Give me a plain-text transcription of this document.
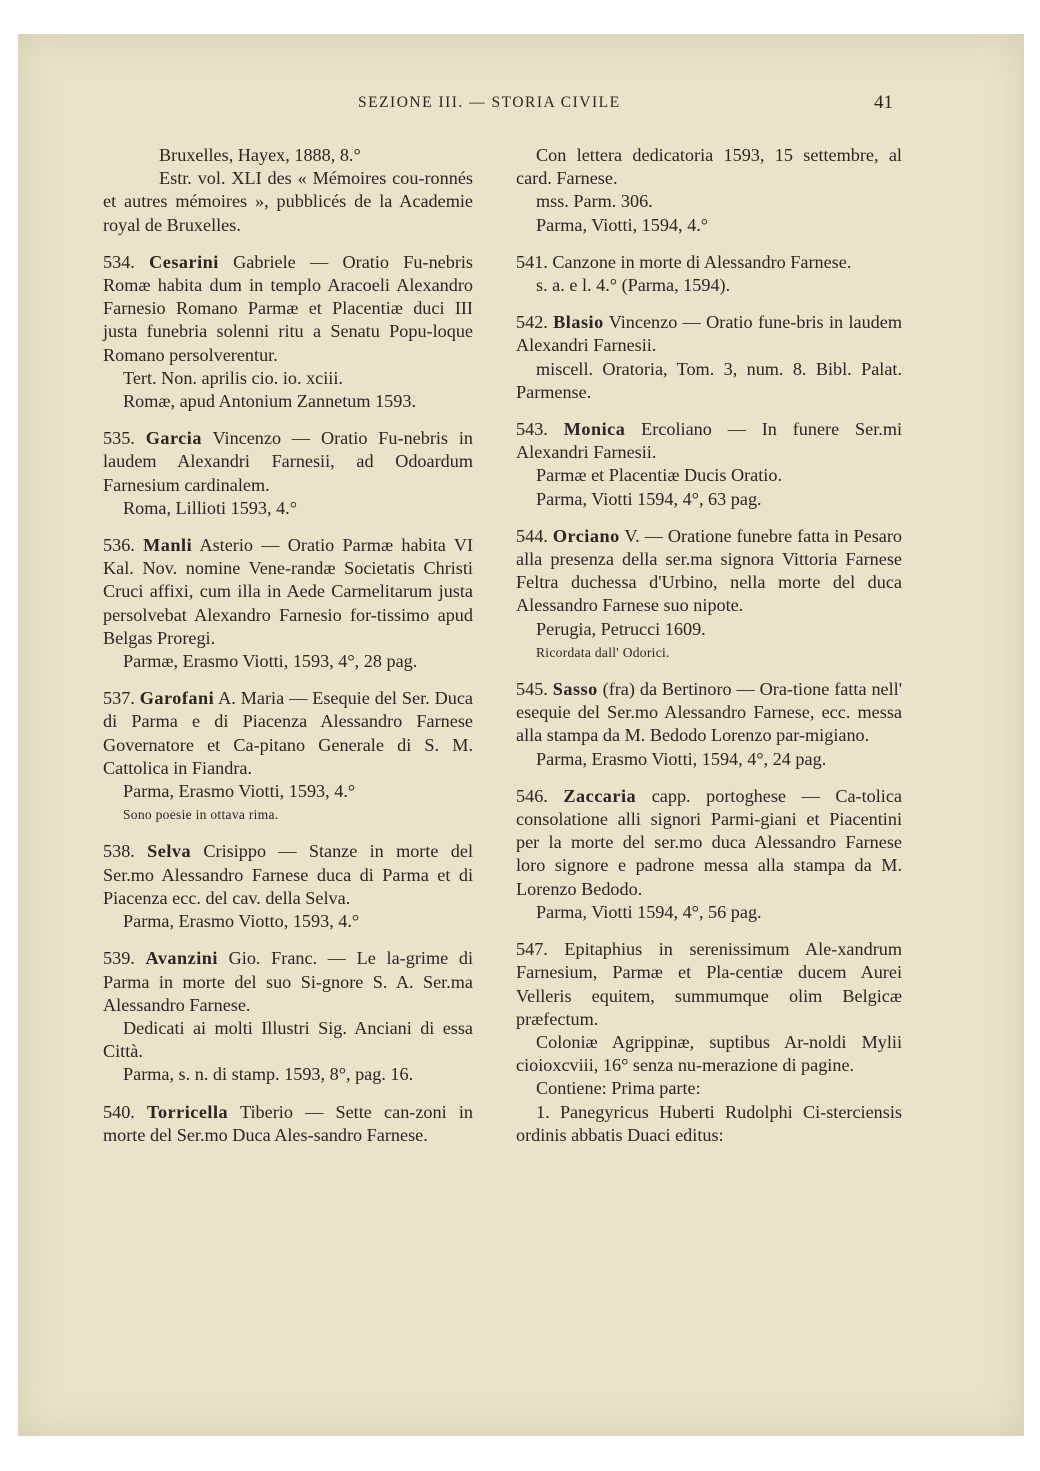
SEZIONE III. — STORIA CIVILE	41
Bruxelles, Hayex, 1888, 8.°
Estr. vol. XLI des « Mémoires cou-ronnés et autres mémoires », pubblicés de la Academie royal de Bruxelles.
534. Cesarini Gabriele — Oratio Fu-nebris Romæ habita dum in templo Aracoeli Alexandro Farnesio Romano Parmæ et Placentiæ duci III justa funebria solenni ritu a Senatu Popu-loque Romano persolverentur.
Tert. Non. aprilis cio. io. xciii.
Romæ, apud Antonium Zannetum 1593.
535. Garcia Vincenzo — Oratio Fu-nebris in laudem Alexandri Farnesii, ad Odoardum Farnesium cardinalem.
Roma, Lillioti 1593, 4.°
536. Manli Asterio — Oratio Parmæ habita VI Kal. Nov. nomine Vene-randæ Societatis Christi Cruci affixi, cum illa in Aede Carmelitarum justa persolvebat Alexandro Farnesio for-tissimo apud Belgas Proregi.
Parmæ, Erasmo Viotti, 1593, 4°, 28 pag.
537. Garofani A. Maria — Esequie del Ser. Duca di Parma e di Piacenza Alessandro Farnese Governatore et Ca-pitano Generale di S. M. Cattolica in Fiandra.
Parma, Erasmo Viotti, 1593, 4.°
Sono poesie in ottava rima.
538. Selva Crisippo — Stanze in morte del Ser.mo Alessandro Farnese duca di Parma et di Piacenza ecc. del cav. della Selva.
Parma, Erasmo Viotto, 1593, 4.°
539. Avanzini Gio. Franc. — Le la-grime di Parma in morte del suo Si-gnore S. A. Ser.ma Alessandro Farnese.
Dedicati ai molti Illustri Sig. Anciani di essa Città.
Parma, s. n. di stamp. 1593, 8°, pag. 16.
540. Torricella Tiberio — Sette can-zoni in morte del Ser.mo Duca Ales-sandro Farnese.
Con lettera dedicatoria 1593, 15 settembre, al card. Farnese.
mss. Parm. 306.
Parma, Viotti, 1594, 4.°
541. Canzone in morte di Alessandro Farnese.
s. a. e l. 4.° (Parma, 1594).
542. Blasio Vincenzo — Oratio fune-bris in laudem Alexandri Farnesii.
miscell. Oratoria, Tom. 3, num. 8. Bibl. Palat. Parmense.
543. Monica Ercoliano — In funere Ser.mi Alexandri Farnesii.
Parmæ et Placentiæ Ducis Oratio.
Parma, Viotti 1594, 4°, 63 pag.
544. Orciano V. — Oratione funebre fatta in Pesaro alla presenza della ser.ma signora Vittoria Farnese Feltra duchessa d'Urbino, nella morte del duca Alessandro Farnese suo nipote.
Perugia, Petrucci 1609.
Ricordata dall' Odorici.
545. Sasso (fra) da Bertinoro — Ora-tione fatta nell' esequie del Ser.mo Alessandro Farnese, ecc. messa alla stampa da M. Bedodo Lorenzo par-migiano.
Parma, Erasmo Viotti, 1594, 4°, 24 pag.
546. Zaccaria capp. portoghese — Ca-tolica consolatione alli signori Parmi-giani et Piacentini per la morte del ser.mo duca Alessandro Farnese loro signore e padrone messa alla stampa da M. Lorenzo Bedodo.
Parma, Viotti 1594, 4°, 56 pag.
547. Epitaphius in serenissimum Ale-xandrum Farnesium, Parmæ et Pla-centiæ ducem Aurei Velleris equitem, summumque olim Belgicæ præfectum.
Coloniæ Agrippinæ, suptibus Ar-noldi Mylii cioioxcviii, 16° senza nu-merazione di pagine.
Contiene: Prima parte:
1. Panegyricus Huberti Rudolphi Ci-sterciensis ordinis abbatis Duaci editus:
